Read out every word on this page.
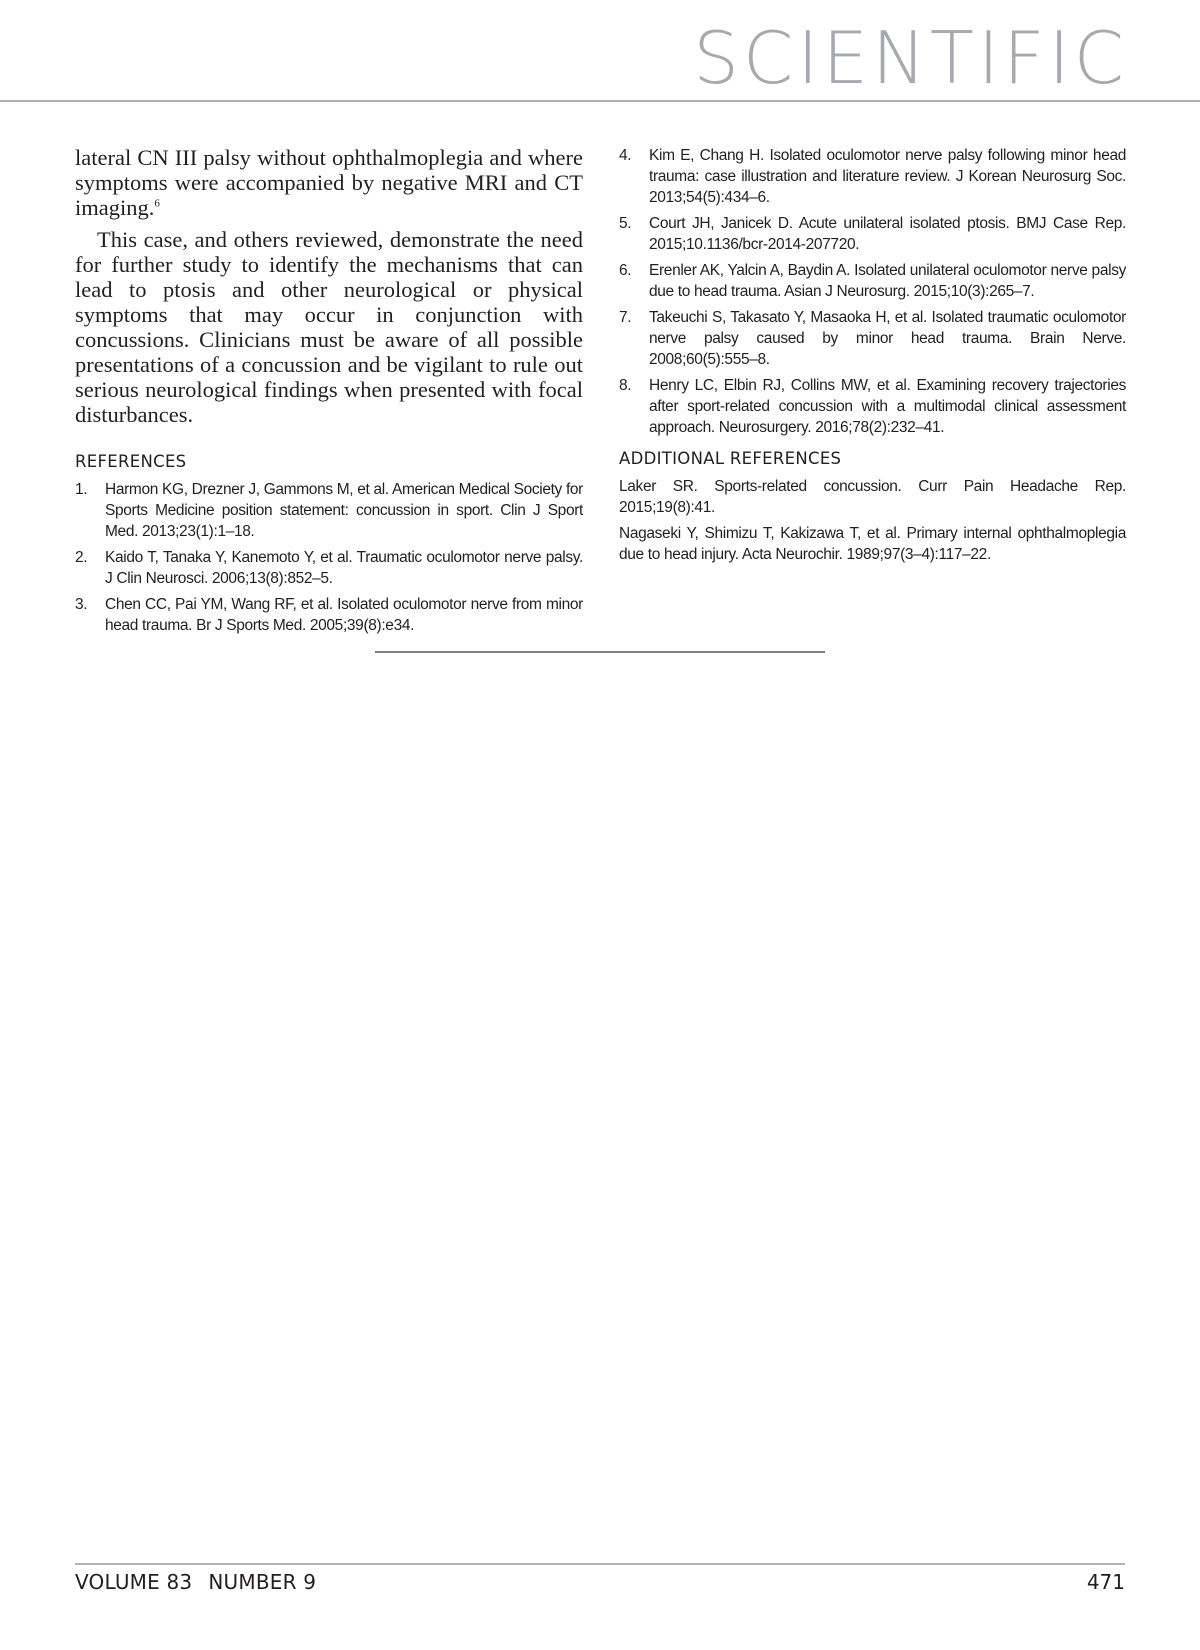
SCIENTIFIC

lateral CN III palsy without ophthalmoplegia and where symptoms were accompanied by negative MRI and CT imaging.$^6$

This case, and others reviewed, demonstrate the need for further study to identify the mechanisms that can lead to ptosis and other neurological or physical symptoms that may occur in conjunction with concussions. Clinicians must be aware of all possible presentations of a concussion and be vigilant to rule out serious neurological findings when presented with focal disturbances.

REFERENCES
1. Harmon KG, Drezner J, Gammons M, et al. American Medical Society for Sports Medicine position statement: concussion in sport. Clin J Sport Med. 2013;23(1):1–18.
2. Kaido T, Tanaka Y, Kanemoto Y, et al. Traumatic oculomotor nerve palsy. J Clin Neurosci. 2006;13(8):852–5.
3. Chen CC, Pai YM, Wang RF, et al. Isolated oculomotor nerve from minor head trauma. Br J Sports Med. 2005;39(8):e34.
4. Kim E, Chang H. Isolated oculomotor nerve palsy following minor head trauma: case illustration and literature review. J Korean Neurosurg Soc. 2013;54(5):434–6.
5. Court JH, Janicek D. Acute unilateral isolated ptosis. BMJ Case Rep. 2015;10.1136/bcr-2014-207720.
6. Erenler AK, Yalcin A, Baydin A. Isolated unilateral oculomotor nerve palsy due to head trauma. Asian J Neurosurg. 2015;10(3):265–7.
7. Takeuchi S, Takasato Y, Masaoka H, et al. Isolated traumatic oculomotor nerve palsy caused by minor head trauma. Brain Nerve. 2008;60(5):555–8.
8. Henry LC, Elbin RJ, Collins MW, et al. Examining recovery trajectories after sport-related concussion with a multimodal clinical assessment approach. Neurosurgery. 2016;78(2):232–41.
ADDITIONAL REFERENCES

Laker SR. Sports-related concussion. Curr Pain Headache Rep. 2015;19(8):41.

Nagaseki Y, Shimizu T, Kakizawa T, et al. Primary internal ophthalmoplegia due to head injury. Acta Neurochir. 1989;97(3–4):117–22.

VOLUME 83 NUMBER 9	471
